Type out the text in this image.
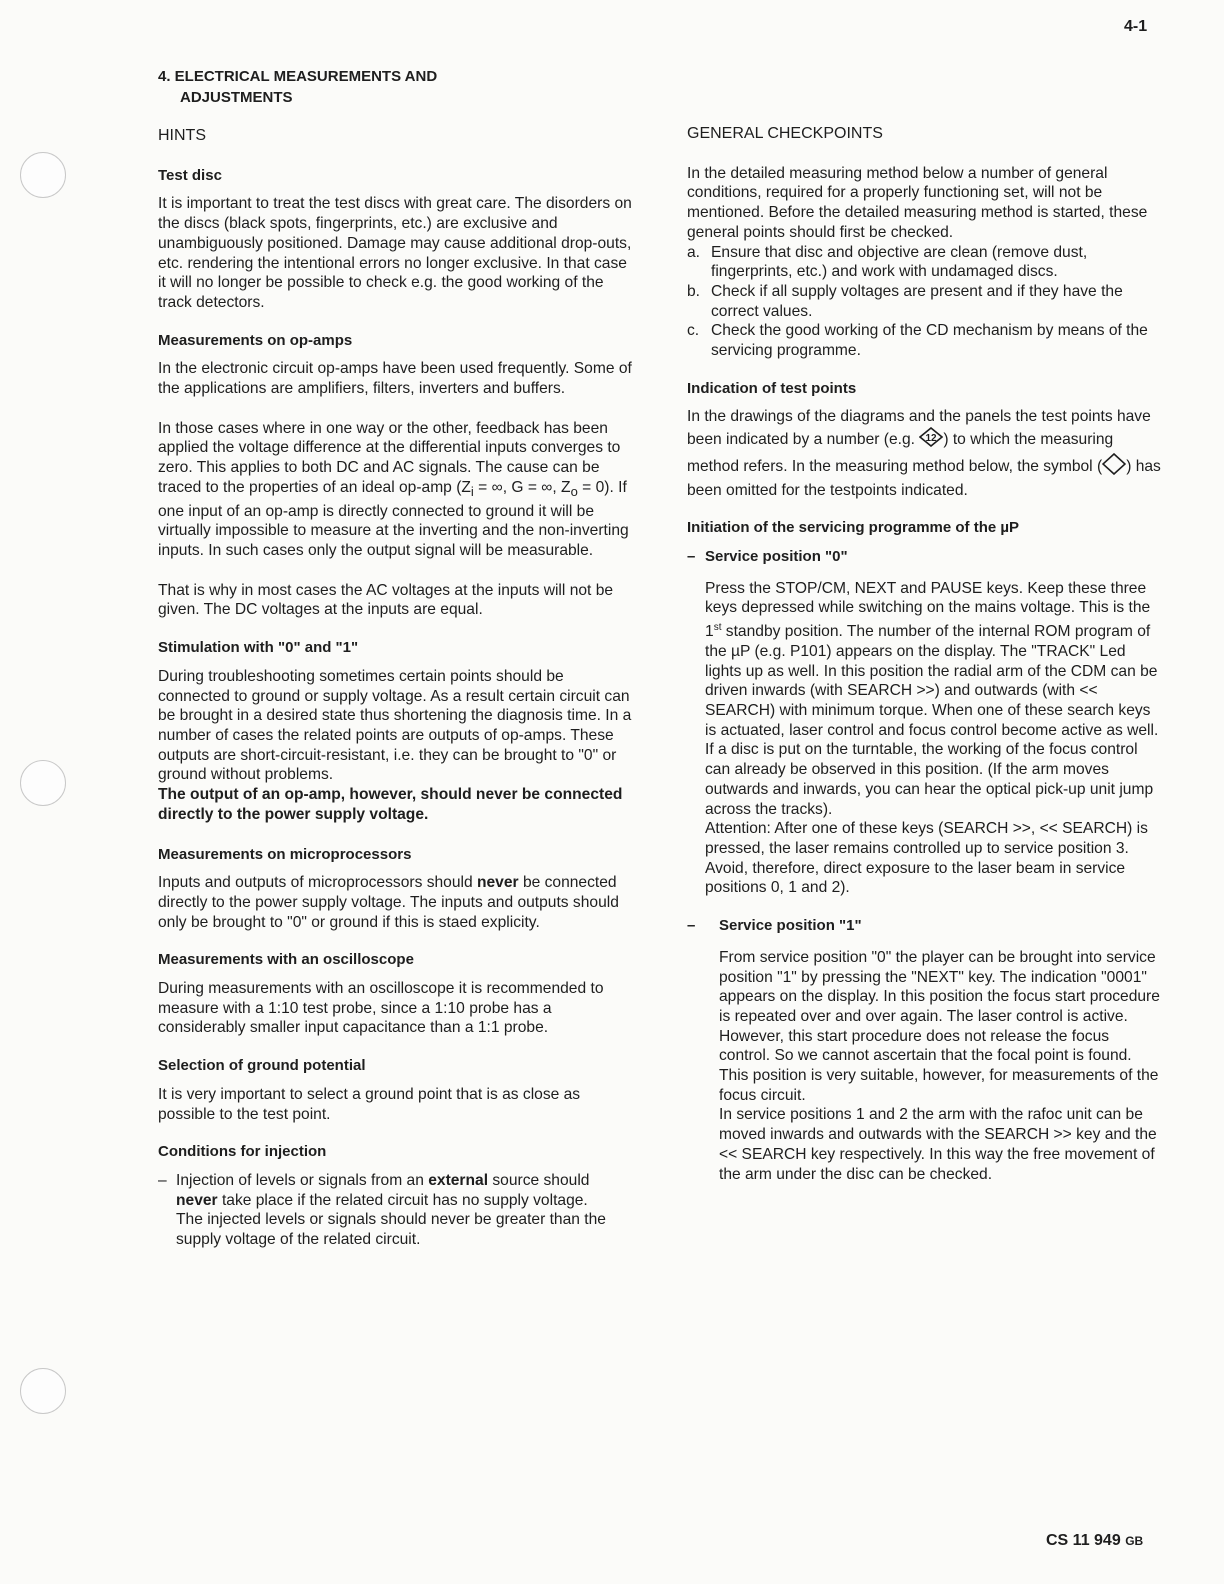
4-1
4. ELECTRICAL MEASUREMENTS AND
ADJUSTMENTS
HINTS
Test disc

It is important to treat the test discs with great care. The disorders on the discs (black spots, fingerprints, etc.) are exclusive and unambiguously positioned. Damage may cause additional drop-outs, etc. rendering the intentional errors no longer exclusive. In that case it will no longer be possible to check e.g. the good working of the track detectors.

Measurements on op-amps

In the electronic circuit op-amps have been used frequently. Some of the applications are amplifiers, filters, inverters and buffers.

In those cases where in one way or the other, feedback has been applied the voltage difference at the differential inputs converges to zero. This applies to both DC and AC signals. The cause can be traced to the properties of an ideal op-amp ($Z_i$ = ∞, G = ∞, $Z_o = 0$). If one input of an op-amp is directly connected to ground it will be virtually impossible to measure at the inverting and the non-inverting inputs. In such cases only the output signal will be measurable.

That is why in most cases the AC voltages at the inputs will not be given. The DC voltages at the inputs are equal.

Stimulation with "0" and "1"

During troubleshooting sometimes certain points should be connected to ground or supply voltage. As a result certain circuit can be brought in a desired state thus shortening the diagnosis time. In a number of cases the related points are outputs of op-amps. These outputs are short-circuit-resistant, i.e. they can be brought to "0" or ground without problems.

The output of an op-amp, however, should never be connected directly to the power supply voltage.

Measurements on microprocessors

Inputs and outputs of microprocessors should never be connected directly to the power supply voltage. The inputs and outputs should only be brought to "0" or ground if this is staed explicity.

Measurements with an oscilloscope

During measurements with an oscilloscope it is recommended to measure with a 1:10 test probe, since a 1:10 probe has a considerably smaller input capacitance than a 1:1 probe.

Selection of ground potential

It is very important to select a ground point that is as close as possible to the test point.

Conditions for injection
– Injection of levels or signals from an external source should never take place if the related circuit has no supply voltage.

The injected levels or signals should never be greater than the supply voltage of the related circuit.

GENERAL CHECKPOINTS

In the detailed measuring method below a number of general conditions, required for a properly functioning set, will not be mentioned. Before the detailed measuring method is started, these general points should first be checked.

a. Ensure that disc and objective are clean (remove dust, fingerprints, etc.) and work with undamaged discs.
b. Check if all supply voltages are present and if they have the correct values.
c. Check the good working of the CD mechanism by means of the servicing programme.
Indication of test points

In the drawings of the diagrams and the panels the test points have been indicated by a number (e.g. 12 ) to which the measuring method refers. In the measuring method below, the symbol ( ) has been omitted for the testpoints indicated.

Initiation of the servicing programme of the µP
– Service position "0"

Press the STOP/CM, NEXT and PAUSE keys. Keep these three keys depressed while switching on the mains voltage. This is the 1st standby position. The number of the internal ROM program of the µP (e.g. P101) appears on the display. The "TRACK" Led lights up as well. In this position the radial arm of the CDM can be driven inwards (with SEARCH >>) and outwards (with << SEARCH) with minimum torque. When one of these search keys is actuated, laser control and focus control become active as well. If a disc is put on the turntable, the working of the focus control can already be observed in this position. (If the arm moves outwards and inwards, you can hear the optical pick-up unit jump across the tracks).

Attention: After one of these keys (SEARCH >>, << SEARCH) is pressed, the laser remains controlled up to service position 3. Avoid, therefore, direct exposure to the laser beam in service positions 0, 1 and 2).

– Service position "1"

From service position "0" the player can be brought into service position "1" by pressing the "NEXT" key. The indication "0001" appears on the display. In this position the focus start procedure is repeated over and over again. The laser control is active.

However, this start procedure does not release the focus control. So we cannot ascertain that the focal point is found. This position is very suitable, however, for measurements of the focus circuit.

In service positions 1 and 2 the arm with the rafoc unit can be moved inwards and outwards with the SEARCH >> key and the << SEARCH key respectively. In this way the free movement of the arm under the disc can be checked.

CS 11 949 GB
